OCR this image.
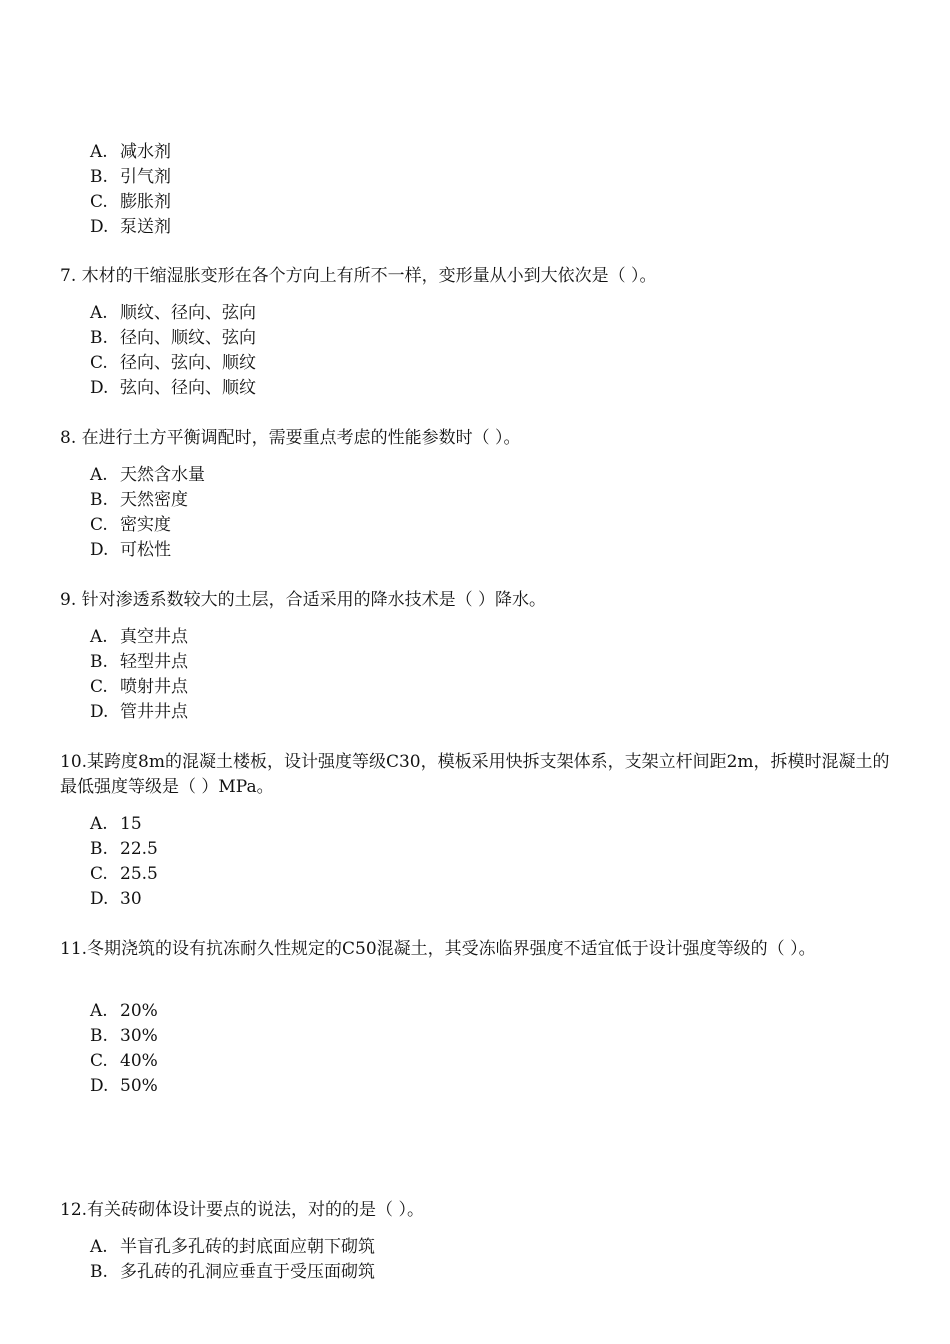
A. 减水剂
B. 引气剂
C. 膨胀剂
D. 泵送剂
7. 木材的干缩湿胀变形在各个方向上有所不一样，变形量从小到大依次是（ ）。
A. 顺纹、径向、弦向
B. 径向、顺纹、弦向
C. 径向、弦向、顺纹
D. 弦向、径向、顺纹
8. 在进行土方平衡调配时，需要重点考虑的性能参数时（ ）。
A. 天然含水量
B. 天然密度
C. 密实度
D. 可松性
9. 针对渗透系数较大的土层，合适采用的降水技术是（ ）降水。
A. 真空井点
B. 轻型井点
C. 喷射井点
D. 管井井点
10.某跨度8m的混凝土楼板，设计强度等级C30，模板采用快拆支架体系，支架立杆间距2m，拆模时混凝土的最低强度等级是（ ）MPa。
A. 15
B. 22.5
C. 25.5
D. 30
11.冬期浇筑的设有抗冻耐久性规定的C50混凝土，其受冻临界强度不适宜低于设计强度等级的（ ）。
A. 20%
B. 30%
C. 40%
D. 50%
12.有关砖砌体设计要点的说法，对的的是（ ）。
A. 半盲孔多孔砖的封底面应朝下砌筑
B. 多孔砖的孔洞应垂直于受压面砌筑
